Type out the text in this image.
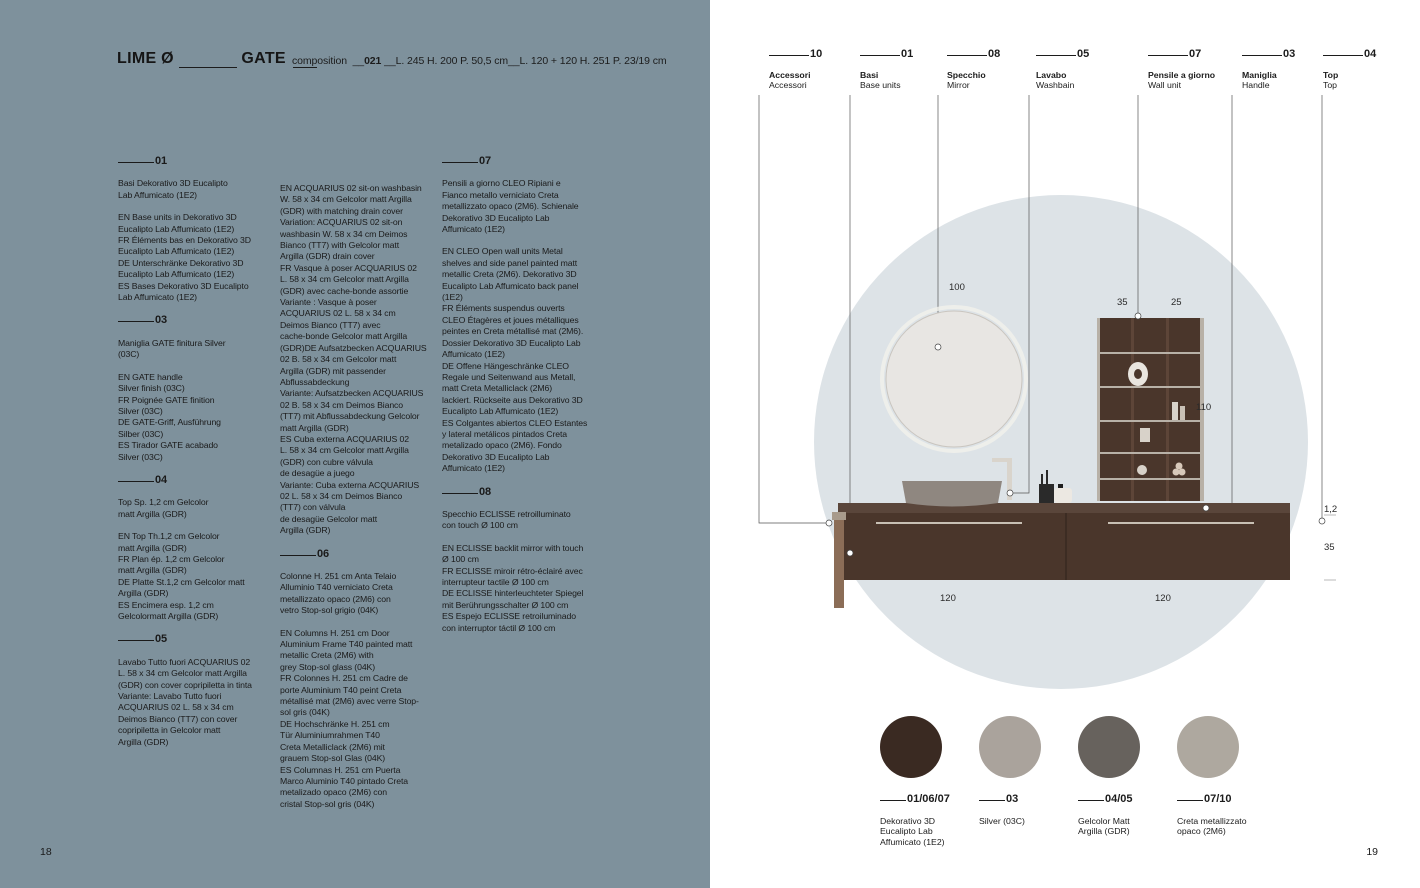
LIME Ø	GATE composition  __021 __L. 245 H. 200 P. 50,5 cm__L. 120 + 120 H. 251 P. 23/19 cm
01
Basi Dekorativo 3D Eucalipto
Lab Affumicato (1E2)
EN Base units in Dekorativo 3D
Eucalipto Lab Affumicato (1E2)
FR Éléments bas en Dekorativo 3D
Eucalipto Lab Affumicato (1E2)
DE Unterschränke Dekorativo 3D
Eucalipto Lab Affumicato (1E2)
ES Bases Dekorativo 3D Eucalipto
Lab Affumicato (1E2)
03
Maniglia GATE finitura Silver
(03C)
EN GATE handle
Silver finish (03C)
FR Poignée GATE finition
Silver (03C)
DE GATE-Griff, Ausführung
Silber (03C)
ES Tirador GATE acabado
Silver (03C)
04
Top Sp. 1,2 cm Gelcolor
matt Argilla (GDR)
EN Top Th.1,2 cm Gelcolor
matt Argilla (GDR)
FR Plan ép. 1,2 cm Gelcolor
matt Argilla (GDR)
DE Platte St.1,2 cm Gelcolor matt
Argilla (GDR)
ES Encimera esp. 1,2 cm
Gelcolormatt Argilla (GDR)
05
Lavabo Tutto fuori ACQUARIUS 02
L. 58 x 34 cm Gelcolor matt Argilla
(GDR) con cover copripiletta in tinta
Variante: Lavabo Tutto fuori
ACQUARIUS 02 L. 58 x 34 cm
Deimos Bianco (TT7) con cover
copripiletta in Gelcolor matt
Argilla (GDR)
EN ACQUARIUS 02 sit-on washbasin
W. 58 x 34 cm Gelcolor matt Argilla
(GDR) with matching drain cover
Variation: ACQUARIUS 02 sit-on
washbasin W. 58 x 34 cm Deimos
Bianco (TT7) with Gelcolor matt
Argilla (GDR) drain cover
FR Vasque à poser ACQUARIUS 02
L. 58 x 34 cm Gelcolor matt Argilla
(GDR) avec cache-bonde assortie
Variante : Vasque à poser
ACQUARIUS 02 L. 58 x 34 cm
Deimos Bianco (TT7) avec
cache-bonde Gelcolor matt Argilla
(GDR)DE Aufsatzbecken ACQUARIUS
02 B. 58 x 34 cm Gelcolor matt
Argilla (GDR) mit passender
Abflussabdeckung
Variante: Aufsatzbecken ACQUARIUS
02 B. 58 x 34 cm Deimos Bianco
(TT7) mit Abflussabdeckung Gelcolor
matt Argilla (GDR)
ES Cuba externa ACQUARIUS 02
L. 58 x 34 cm Gelcolor matt Argilla
(GDR) con cubre válvula
de desagüe a juego
Variante: Cuba externa ACQUARIUS
02 L. 58 x 34 cm Deimos Bianco
(TT7) con válvula
de desagüe Gelcolor matt
Argilla (GDR)
06
Colonne H. 251 cm Anta Telaio
Alluminio T40 verniciato Creta
metallizzato opaco (2M6) con
vetro Stop-sol grigio (04K)
EN Columns H. 251 cm Door
Aluminium Frame T40 painted matt
metallic Creta (2M6) with
grey Stop-sol glass (04K)
FR Colonnes H. 251 cm Cadre de
porte Aluminium T40 peint Creta
métallisé mat (2M6) avec verre Stop-
sol gris (04K)
DE Hochschränke H. 251 cm
Tür Aluminiumrahmen T40
Creta Metalliclack (2M6) mit
grauem Stop-sol Glas (04K)
ES Columnas H. 251 cm Puerta
Marco Aluminio T40 pintado Creta
metalizado opaco (2M6) con
cristal Stop-sol gris (04K)
07
Pensili a giorno CLEO Ripiani e
Fianco metallo verniciato Creta
metallizzato opaco (2M6). Schienale
Dekorativo 3D Eucalipto Lab
Affumicato (1E2)
EN CLEO Open wall units Metal
shelves and side panel painted matt
metallic Creta (2M6). Dekorativo 3D
Eucalipto Lab Affumicato back panel
(1E2)
FR Éléments suspendus ouverts
CLEO Étagères et joues métalliques
peintes en Creta métallisé mat (2M6).
Dossier Dekorativo 3D Eucalipto Lab
Affumicato (1E2)
DE Offene Hängeschränke CLEO
Regale und Seitenwand aus Metall,
matt Creta Metalliclack (2M6)
lackiert. Rückseite aus Dekorativo 3D
Eucalipto Lab Affumicato (1E2)
ES Colgantes abiertos CLEO Estantes
y lateral metálicos pintados Creta
metalizado opaco (2M6). Fondo
Dekorativo 3D Eucalipto Lab
Affumicato (1E2)
08
Specchio ECLISSE retroilluminato
con touch Ø 100 cm
EN ECLISSE backlit mirror with touch
Ø 100 cm
FR ECLISSE miroir rétro-éclairé avec
interrupteur tactile Ø 100 cm
DE ECLISSE hinterleuchteter Spiegel
mit Berührungsschalter Ø 100 cm
ES Espejo ECLISSE retroiluminado
con interruptor táctil Ø 100 cm
18
10
Accessori
Accessori
01
Basi
Base units
08
Specchio
Mirror
05
Lavabo
Washbain
07
Pensile a giorno
Wall unit
03
Maniglia
Handle
04
Top
Top
100
35	25
110
1,2
35
120	120
01/06/07
Dekorativo 3D
Eucalipto Lab
Affumicato (1E2)
03
Silver (03C)
04/05
Gelcolor Matt
Argilla (GDR)
07/10
Creta metallizzato
opaco (2M6)
19
